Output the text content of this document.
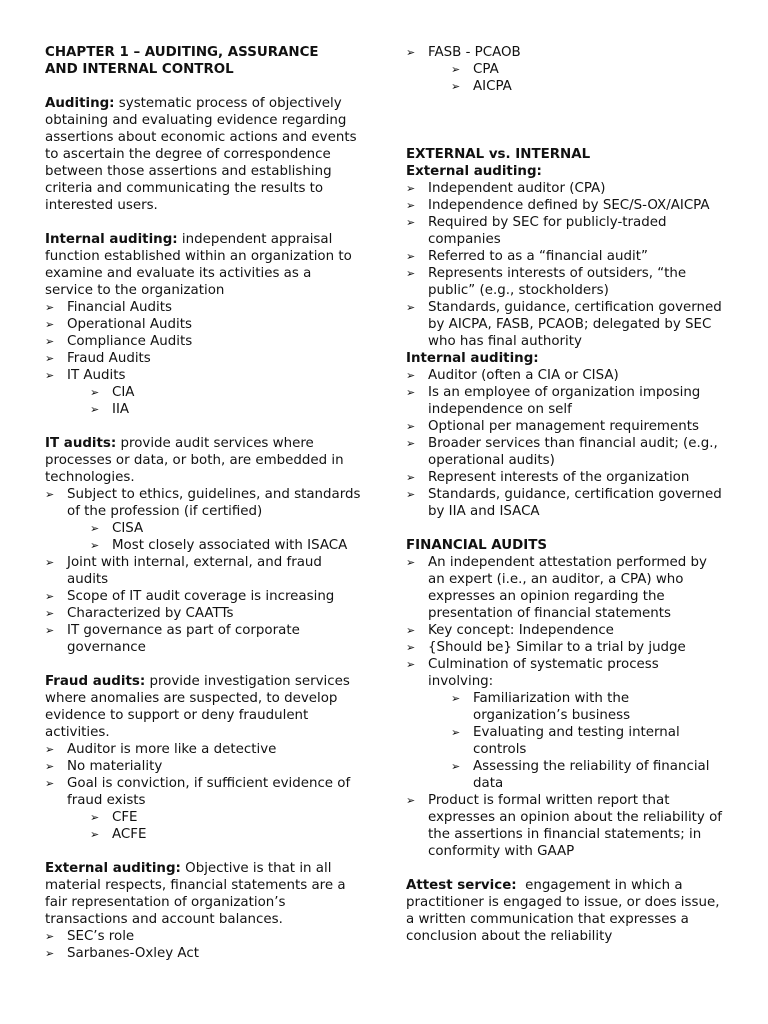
CHAPTER 1 – AUDITING, ASSURANCE
AND INTERNAL CONTROL

Auditing: systematic process of objectively obtaining and evaluating evidence regarding assertions about economic actions and events to ascertain the degree of correspondence between those assertions and establishing criteria and communicating the results to interested users.

Internal auditing: independent appraisal function established within an organization to examine and evaluate its activities as a service to the organization

➢ Financial Audits
➢ Operational Audits
➢ Compliance Audits
➢ Fraud Audits
➢ IT Audits
➢ CIA
➢ IIA

IT audits: provide audit services where processes or data, or both, are embedded in technologies.

➢ Subject to ethics, guidelines, and standards of the profession (if certified)
➢ CISA
➢ Most closely associated with ISACA
➢ Joint with internal, external, and fraud audits
➢ Scope of IT audit coverage is increasing
➢ Characterized by CAATTs
➢ IT governance as part of corporate governance

Fraud audits: provide investigation services where anomalies are suspected, to develop evidence to support or deny fraudulent activities.

➢ Auditor is more like a detective
➢ No materiality
➢ Goal is conviction, if sufficient evidence of fraud exists
➢ CFE
➢ ACFE

External auditing: Objective is that in all material respects, financial statements are a fair representation of organization’s transactions and account balances.

➢ SEC’s role
➢ Sarbanes-Oxley Act
➢ FASB - PCAOB
➢ CPA
➢ AICPA

EXTERNAL vs. INTERNAL

External auditing:

➢ Independent auditor (CPA)
➢ Independence defined by SEC/S-OX/AICPA
➢ Required by SEC for publicly-traded companies
➢ Referred to as a “financial audit”
➢ Represents interests of outsiders, “the public” (e.g., stockholders)
➢ Standards, guidance, certification governed by AICPA, FASB, PCAOB; delegated by SEC who has final authority

Internal auditing:

➢ Auditor (often a CIA or CISA)
➢ Is an employee of organization imposing independence on self
➢ Optional per management requirements
➢ Broader services than financial audit; (e.g., operational audits)
➢ Represent interests of the organization
➢ Standards, guidance, certification governed by IIA and ISACA

FINANCIAL AUDITS

➢ An independent attestation performed by an expert (i.e., an auditor, a CPA) who expresses an opinion regarding the presentation of financial statements
➢ Key concept: Independence
➢ {Should be} Similar to a trial by judge
➢ Culmination of systematic process involving:
➢ Familiarization with the organization’s business
➢ Evaluating and testing internal controls
➢ Assessing the reliability of financial data
➢ Product is formal written report that expresses an opinion about the reliability of the assertions in financial statements; in conformity with GAAP

Attest service:  engagement in which a practitioner is engaged to issue, or does issue, a written communication that expresses a conclusion about the reliability
